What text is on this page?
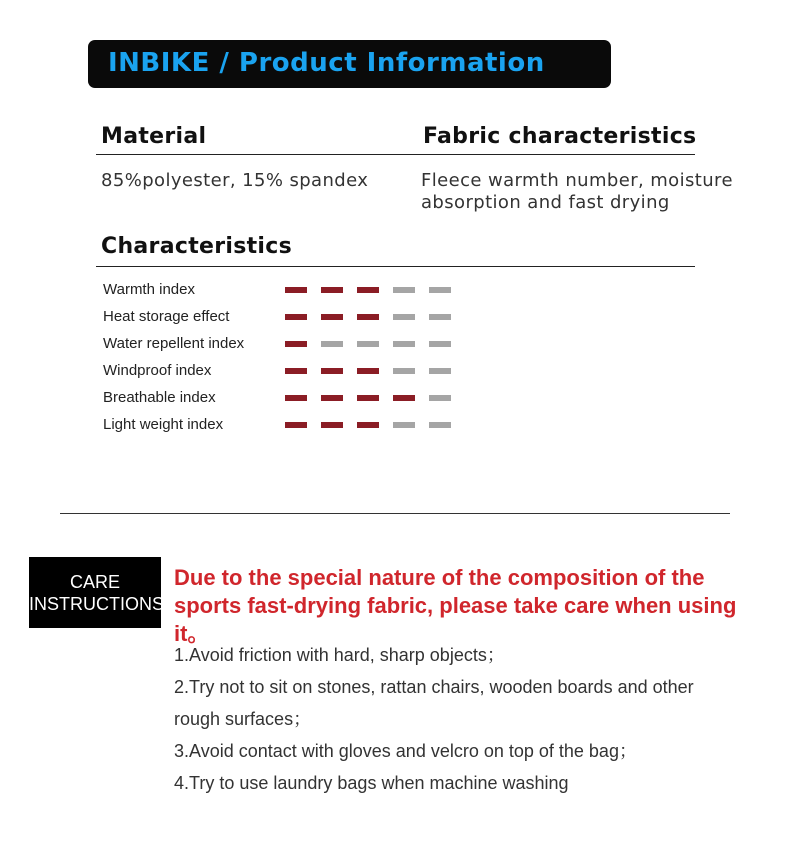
INBIKE / Product Information
Material	Fabric characteristics
85%polyester, 15% spandex	Fleece warmth number, moisture absorption and fast drying
Characteristics
Warmth index
Heat storage effect
Water repellent index
Windproof index
Breathable index
Light weight index
CARE
INSTRUCTIONS
Due to the special nature of the composition of the sports fast-drying fabric, please take care when using it。
1.Avoid friction with hard, sharp objects；
2.Try not to sit on stones, rattan chairs, wooden boards and other rough surfaces；
3.Avoid contact with gloves and velcro on top of the bag；
4.Try to use laundry bags when machine washing
